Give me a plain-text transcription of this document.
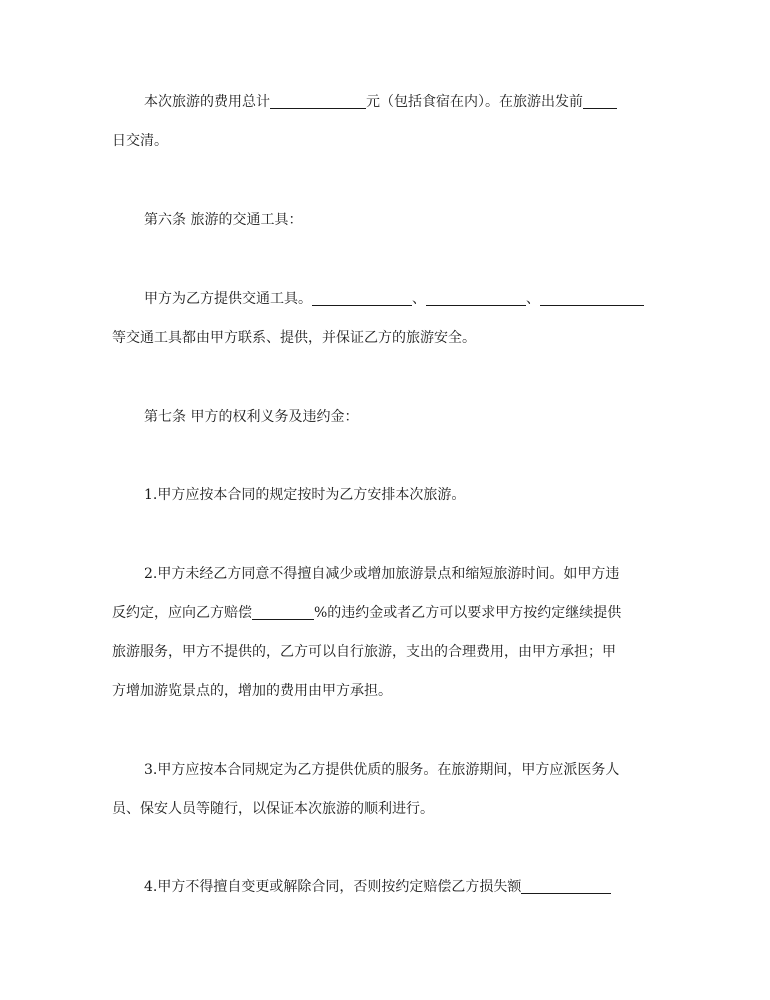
本次旅游的费用总计	元（包括食宿在内）。在旅游出发前
日交清。
第六条 旅游的交通工具：
甲方为乙方提供交通工具。	、	、
等交通工具都由甲方联系、提供，并保证乙方的旅游安全。
第七条 甲方的权利义务及违约金：
1.甲方应按本合同的规定按时为乙方安排本次旅游。
2.甲方未经乙方同意不得擅自减少或增加旅游景点和缩短旅游时间。如甲方违
反约定，应向乙方赔偿	%的违约金或者乙方可以要求甲方按约定继续提供
旅游服务，甲方不提供的，乙方可以自行旅游，支出的合理费用，由甲方承担；甲
方增加游览景点的，增加的费用由甲方承担。
3.甲方应按本合同规定为乙方提供优质的服务。在旅游期间，甲方应派医务人
员、保安人员等随行，以保证本次旅游的顺利进行。
4.甲方不得擅自变更或解除合同，否则按约定赔偿乙方损失额
